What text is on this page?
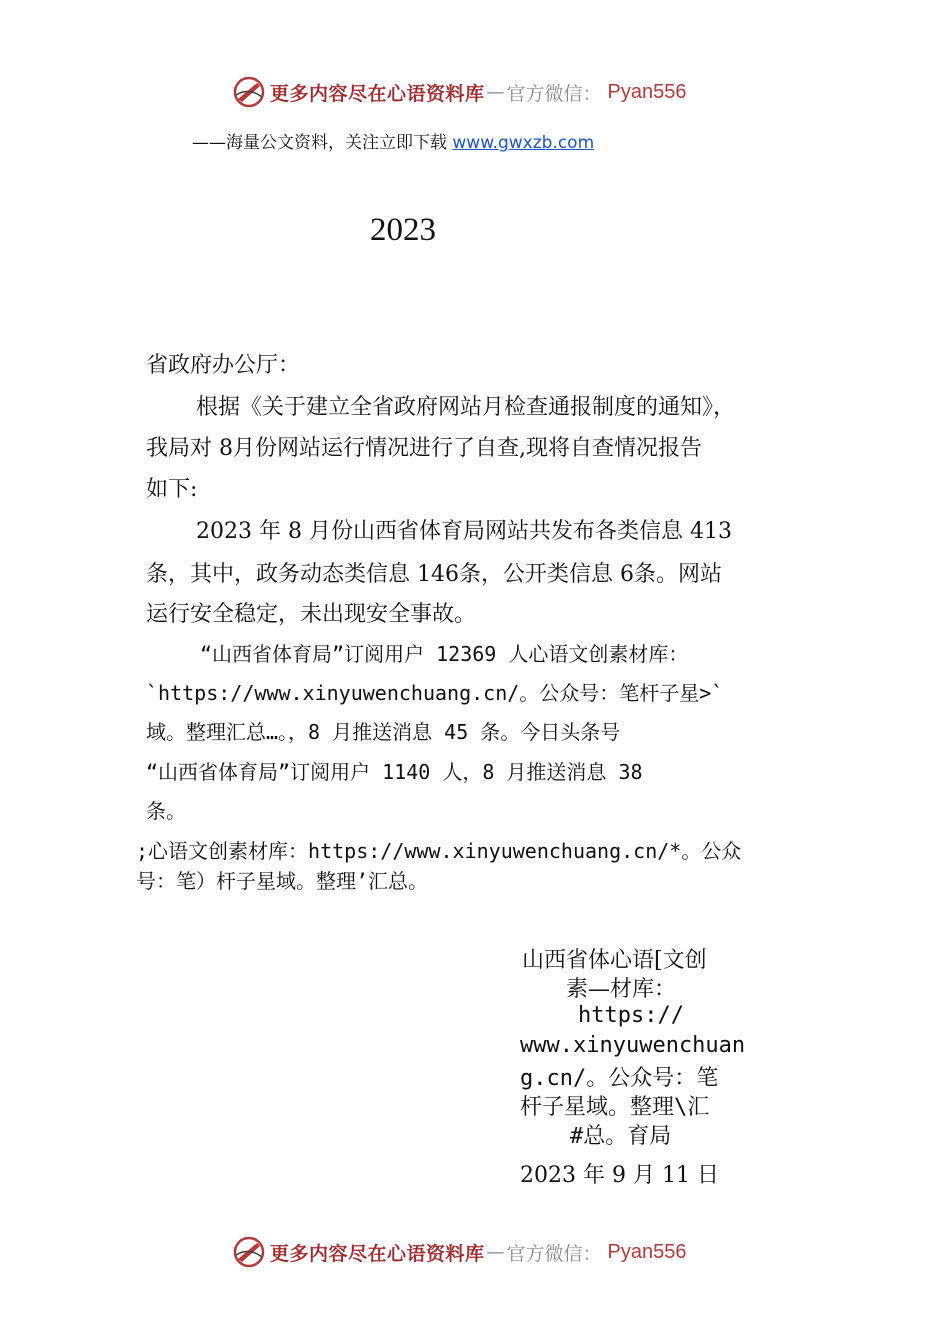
更多内容尽在心语资料库 — 官方微信： Pyan556
——海量公文资料，关注立即下载 www.gwxzb.com
2023
省政府办公厅：
　根据《关于建立全省政府网站月检查通报制度的通知》，
我局对 8月份网站运行情况进行了自查,现将自查情况报告
如下:
　2023 年 8 月份山西省体育局网站共发布各类信息 413
条，其中，政务动态类信息 146条，公开类信息 6条。网站
运行安全稳定，未出现安全事故。
“山西省体育局”订阅用户 12369 人心语文创素材库：
`https://www.xinyuwenchuang.cn/。公众号：笔杆子星>`
域。整理汇总…。，8 月推送消息 45 条。今日头条号
“山西省体育局”订阅用户 1140 人，8 月推送消息 38
条。
;心语文创素材库：https://www.xinyuwenchuang.cn/*。公众
号：笔）杆子星域。整理’汇总。
山西省体心语[文创
素—材库：
https://
www.xinyuwenchuan
g.cn/。公众号：笔
杆子星域。整理\汇
#总。育局
2023 年 9 月 11 日
更多内容尽在心语资料库 — 官方微信： Pyan556
